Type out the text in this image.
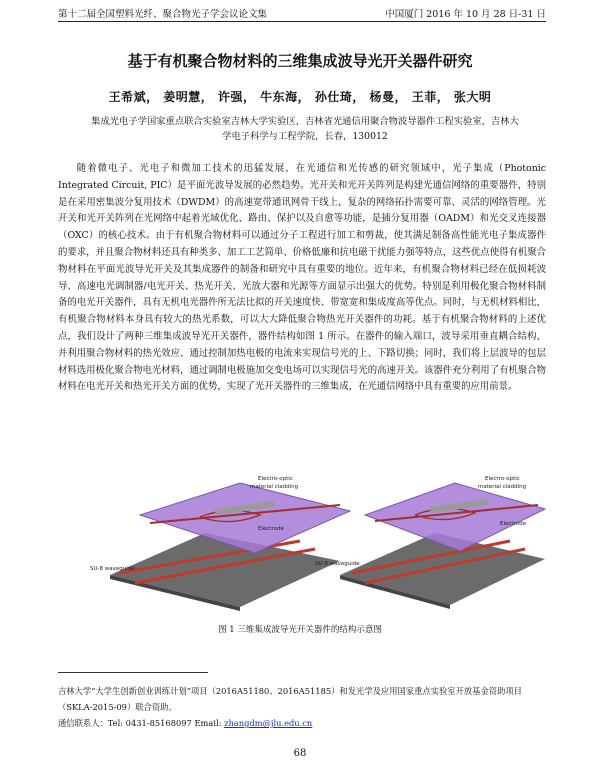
第十二届全国塑料光纤、聚合物光子学会议论文集	中国厦门 2016 年 10 月 28 日-31 日
基于有机聚合物材料的三维集成波导光开关器件研究
王希斌， 姜明慧， 许强， 牛东海， 孙仕琦， 杨曼， 王菲， 张大明
集成光电子学国家重点联合实验室吉林大学实验区，吉林省光通信用聚合物波导器件工程实验室，吉林大
学电子科学与工程学院，长春，130012

随着微电子、光电子和微加工技术的迅猛发展，在光通信和光传感的研究领域中，光子集成（Photonic Integrated Circuit, PIC）是平面光波导发展的必然趋势。光开关和光开关阵列是构建光通信网络的重要器件，特别是在采用密集波分复用技术（DWDM）的高速宽带通讯网骨干线上，复杂的网络拓扑需要可靠、灵活的网络管理。光开关和光开关阵列在光网络中起着光域优化、路由、保护以及自愈等功能，是插分复用器（OADM）和光交叉连接器（OXC）的核心技术。由于有机聚合物材料可以通过分子工程进行加工和剪裁，使其满足制备高性能光电子集成器件的要求，并且聚合物材料还具有种类多、加工工艺简单、价格低廉和抗电磁干扰能力强等特点，这些优点使得有机聚合物材料在平面光波导光开关及其集成器件的制备和研究中具有重要的地位。近年来，有机聚合物材料已经在低损耗波导、高速电光调制器/电光开关、热光开关、光放大器和光源等方面显示出强大的优势。特别是利用极化聚合物材料制备的电光开关器件，具有无机电光器件所无法比拟的开关速度快、带宽宽和集成度高等优点。同时，与无机材料相比，有机聚合物材料本身具有较大的热光系数，可以大大降低聚合物热光开关器件的功耗。基于有机聚合物材料的上述优点，我们设计了两种三维集成波导光开关器件，器件结构如图 1 所示。在器件的输入端口，波导采用垂直耦合结构，并利用聚合物材料的热光效应、通过控制加热电极的电流来实现信号光的上、下路切换；同时，我们将上层波导的包层材料选用极化聚合物电光材料，通过调制电极施加交变电场可以实现信号光的高速开关。该器件充分利用了有机聚合物材料在电光开关和热光开关方面的优势，实现了光开关器件的三维集成，在光通信网络中具有重要的应用前景。

Electro-optic
material cladding
Electrode
SU-8 waveguide
Electro-optic
material cladding
Electrode
SU-8 waveguide
图 1 三维集成波导光开关器件的结构示意图
吉林大学“大学生创新创业训练计划”项目（2016A51180、2016A51185）和发光学及应用国家重点实验室开放基金资助项目
（SKLA-2015-09）联合资助。
通信联系人：Tel: 0431-85168097 Email: zhangdm@jlu.edu.cn
68
